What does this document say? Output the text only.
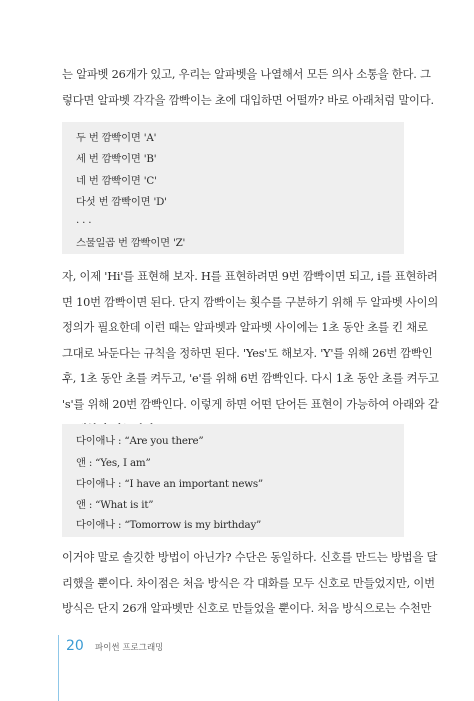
는 알파벳 26개가 있고, 우리는 알파벳을 나열해서 모든 의사 소통을 한다. 그
렇다면 알파벳 각각을 깜빡이는 초에 대입하면 어떨까? 바로 아래처럼 말이다.
두 번 깜빡이면 'A'
세 번 깜빡이면 'B'
네 번 깜빡이면 'C'
다섯 번 깜빡이면 'D'
. . .
스물일곱 번 깜빡이면 'Z'
자, 이제 'Hi'를 표현해 보자. H를 표현하려면 9번 깜빡이면 되고, i를 표현하려
면 10번 깜빡이면 된다. 단지 깜빡이는 횟수를 구분하기 위해 두 알파벳 사이의
정의가 필요한데 이런 때는 알파벳과 알파벳 사이에는 1초 동안 초를 킨 채로
그대로 놔둔다는 규칙을 정하면 된다. 'Yes'도 해보자. 'Y'를 위해 26번 깜빡인
후, 1초 동안 초를 켜두고, 'e'를 위해 6번 깜빡인다. 다시 1초 동안 초를 켜두고
's'를 위해 20번 깜빡인다. 이렇게 하면 어떤 단어든 표현이 가능하여 아래와 같
다이애나 : “Are you there”
앤 : “Yes, I am”
다이애나 : “I have an important news”
앤 : “What is it”
다이애나 : “Tomorrow is my birthday”
이거야 말로 솔깃한 방법이 아닌가? 수단은 동일하다. 신호를 만드는 방법을 달
리했을 뿐이다. 차이점은 처음 방식은 각 대화를 모두 신호로 만들었지만, 이번
방식은 단지 26개 알파벳만 신호로 만들었을 뿐이다. 처음 방식으로는 수천만
20 파이썬 프로그래밍
